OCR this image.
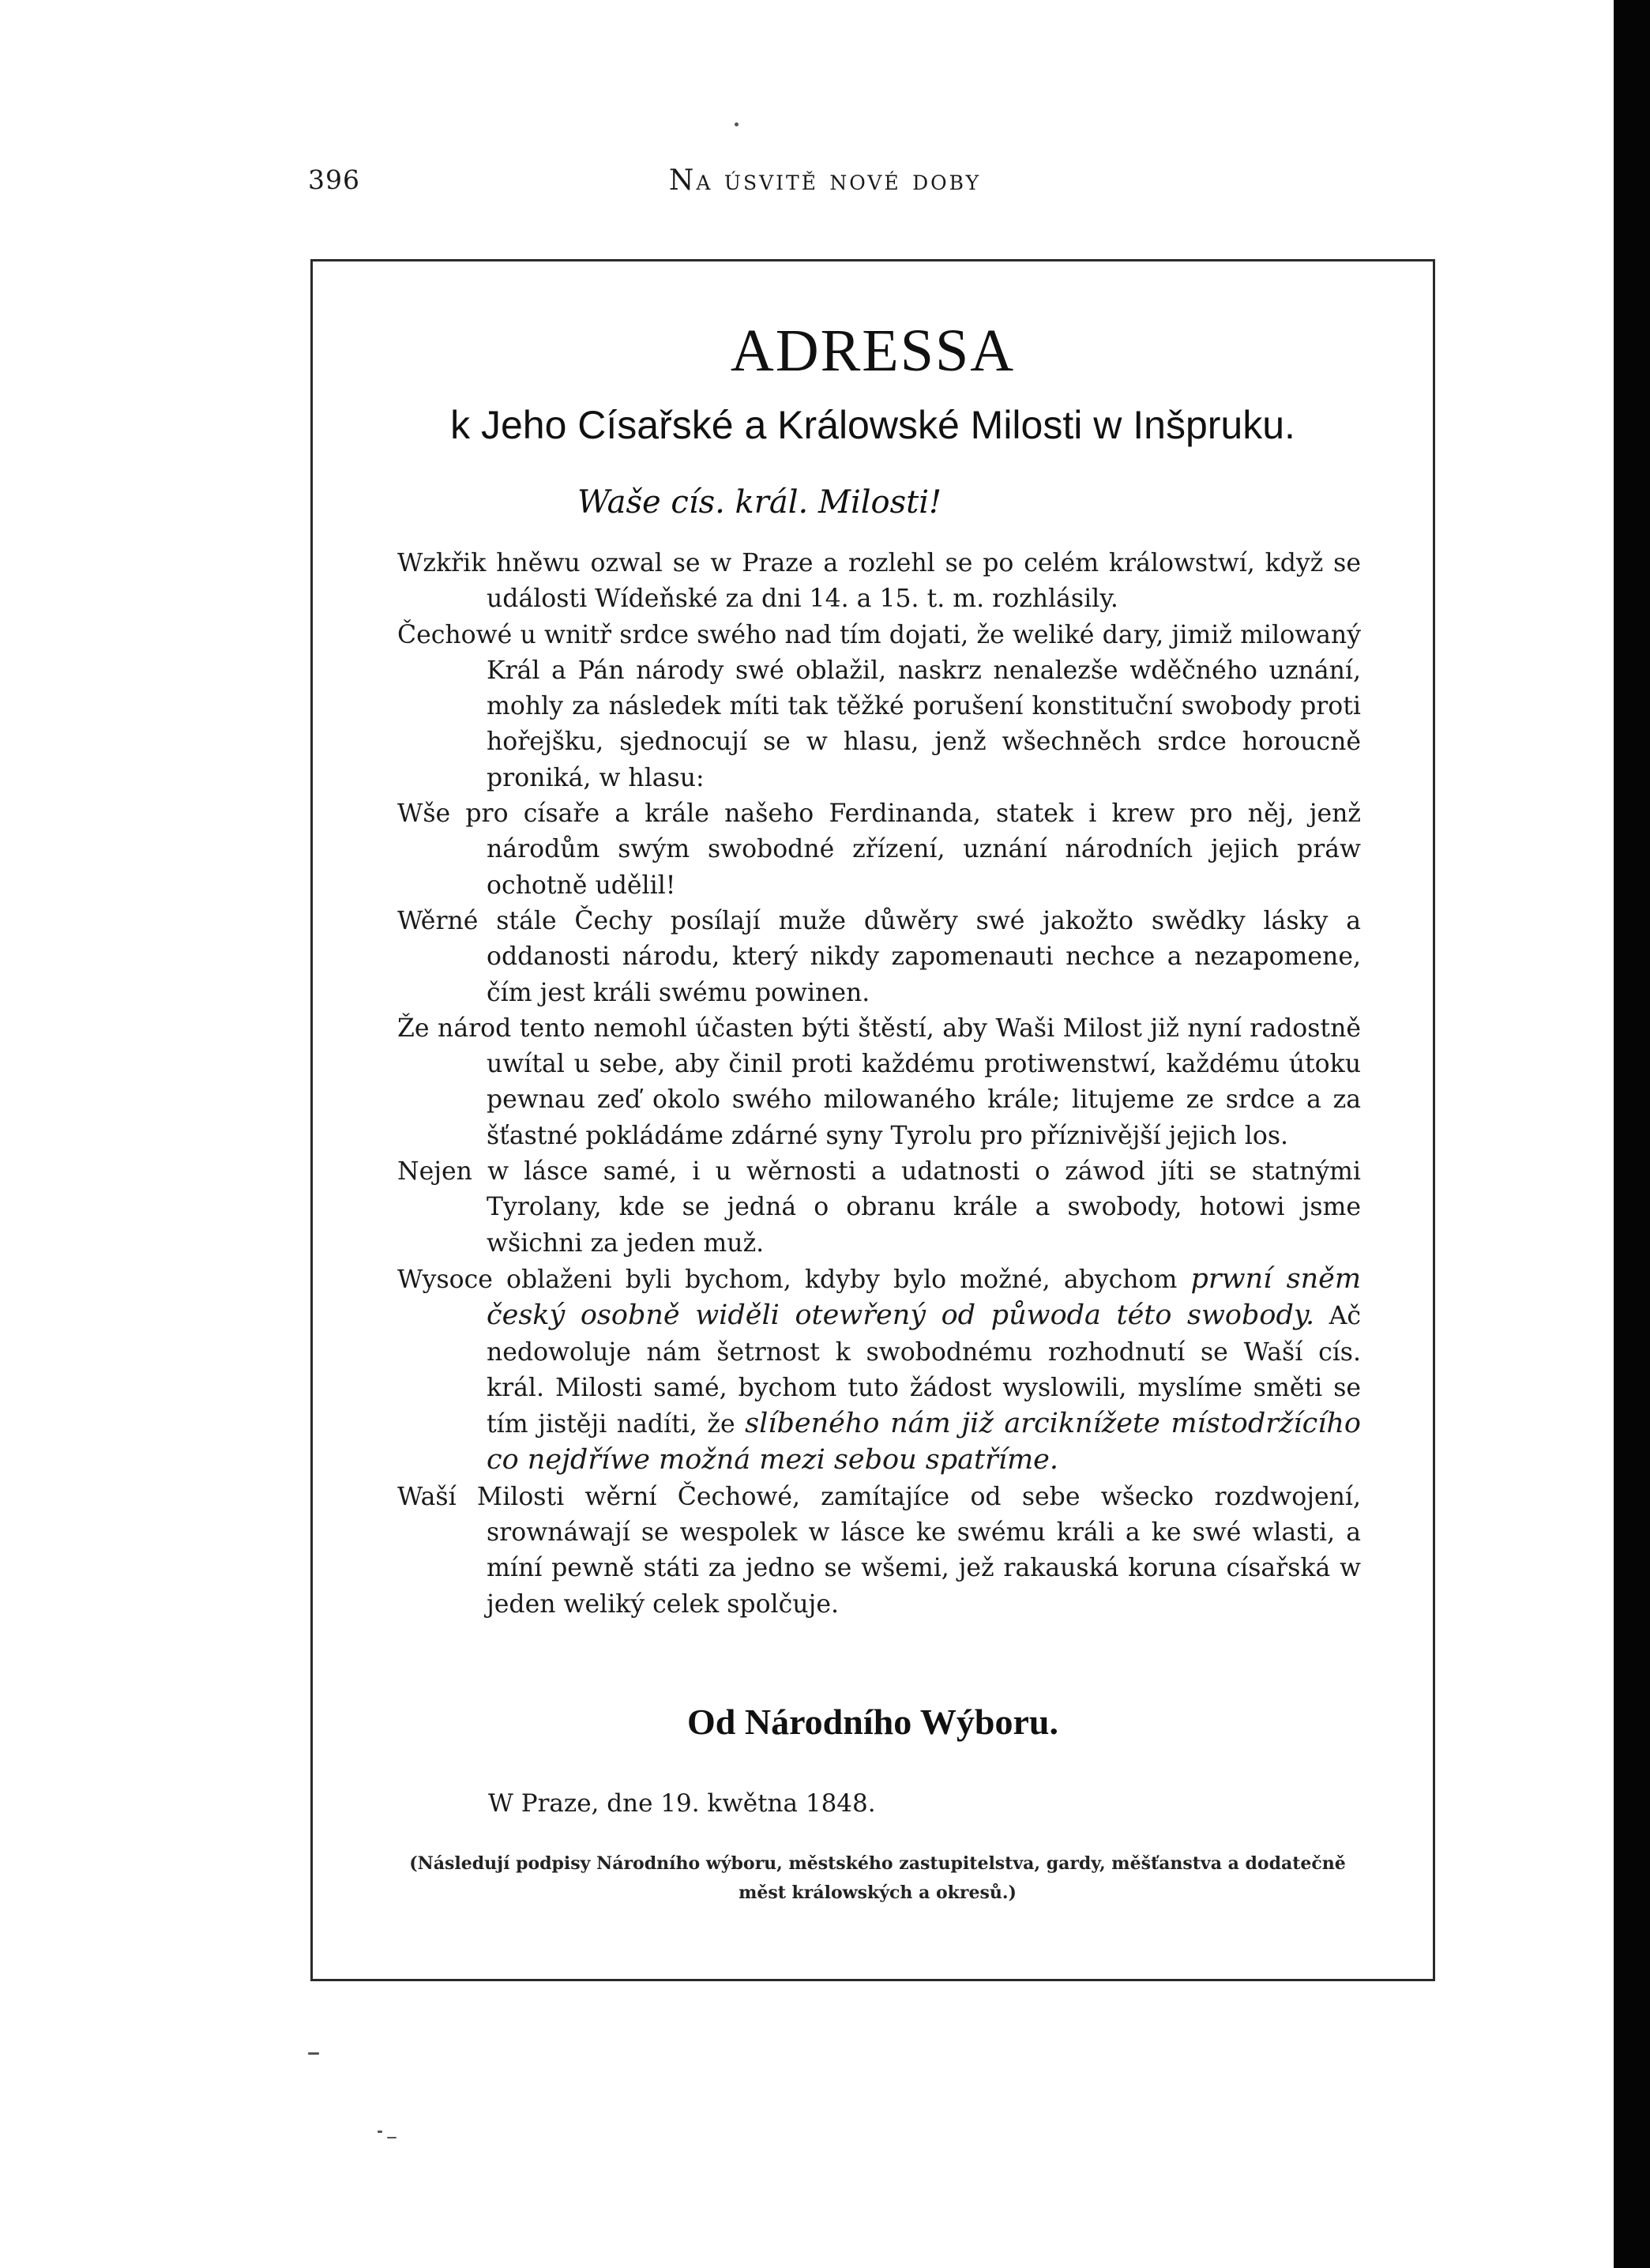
396	Na úsvitě nové doby
ADRESSA
k Jeho Císařské a Králowské Milosti w Inšpruku.
Waše cís. král. Milosti!

Wzkřik hněwu ozwal se w Praze a rozlehl se po celém králowstwí, když se události Wídeňské za dni 14. a 15. t. m. rozhlásily.

Čechowé u wnitř srdce swého nad tím dojati, že weliké dary, jimiž milowaný Král a Pán národy swé oblažil, naskrz nenalezše wděčného uznání, mohly za následek míti tak těžké porušení konstituční swobody proti hořejšku, sjednocují se w hlasu, jenž wšechněch srdce horoucně proniká, w hlasu:

Wše pro císaře a krále našeho Ferdinanda, statek i krew pro něj, jenž národům swým swobodné zřízení, uznání národních jejich práw ochotně udělil!

Wěrné stále Čechy posílají muže důwěry swé jakožto swědky lásky a oddanosti národu, který nikdy zapomenauti nechce a nezapomene, čím jest králi swému powinen.

Že národ tento nemohl účasten býti štěstí, aby Waši Milost již nyní radostně uwítal u sebe, aby činil proti každému protiwenstwí, každému útoku pewnau zeď okolo swého milowaného krále; litujeme ze srdce a za šťastné pokládáme zdárné syny Tyrolu pro příznivější jejich los.

Nejen w lásce samé, i u wěrnosti a udatnosti o záwod jíti se statnými Tyrolany, kde se jedná o obranu krále a swobody, hotowi jsme wšichni za jeden muž.

Wysoce oblaženi byli bychom, kdyby bylo možné, abychom prwní sněm český osobně widěli otewřený od půwoda této swobody. Ač nedowoluje nám šetrnost k swobodnému rozhodnutí se Waší cís. král. Milosti samé, bychom tuto žádost wyslowili, myslíme směti se tím jistěji nadíti, že slíbeného nám již arciknížete místodržícího co nejdříwe možná mezi sebou spatříme.

Waší Milosti wěrní Čechowé, zamítajíce od sebe wšecko rozdwojení, srownáwají se wespolek w lásce ke swému králi a ke swé wlasti, a míní pewně státi za jedno se wšemi, jež rakauská koruna císařská w jeden weliký celek spolčuje.

Od Národního Wýboru.
W Praze, dne 19. kwětna 1848.
(Následují podpisy Národního wýboru, městského zastupitelstva, gardy, měšťanstva a dodatečně měst králowských a okresů.)
